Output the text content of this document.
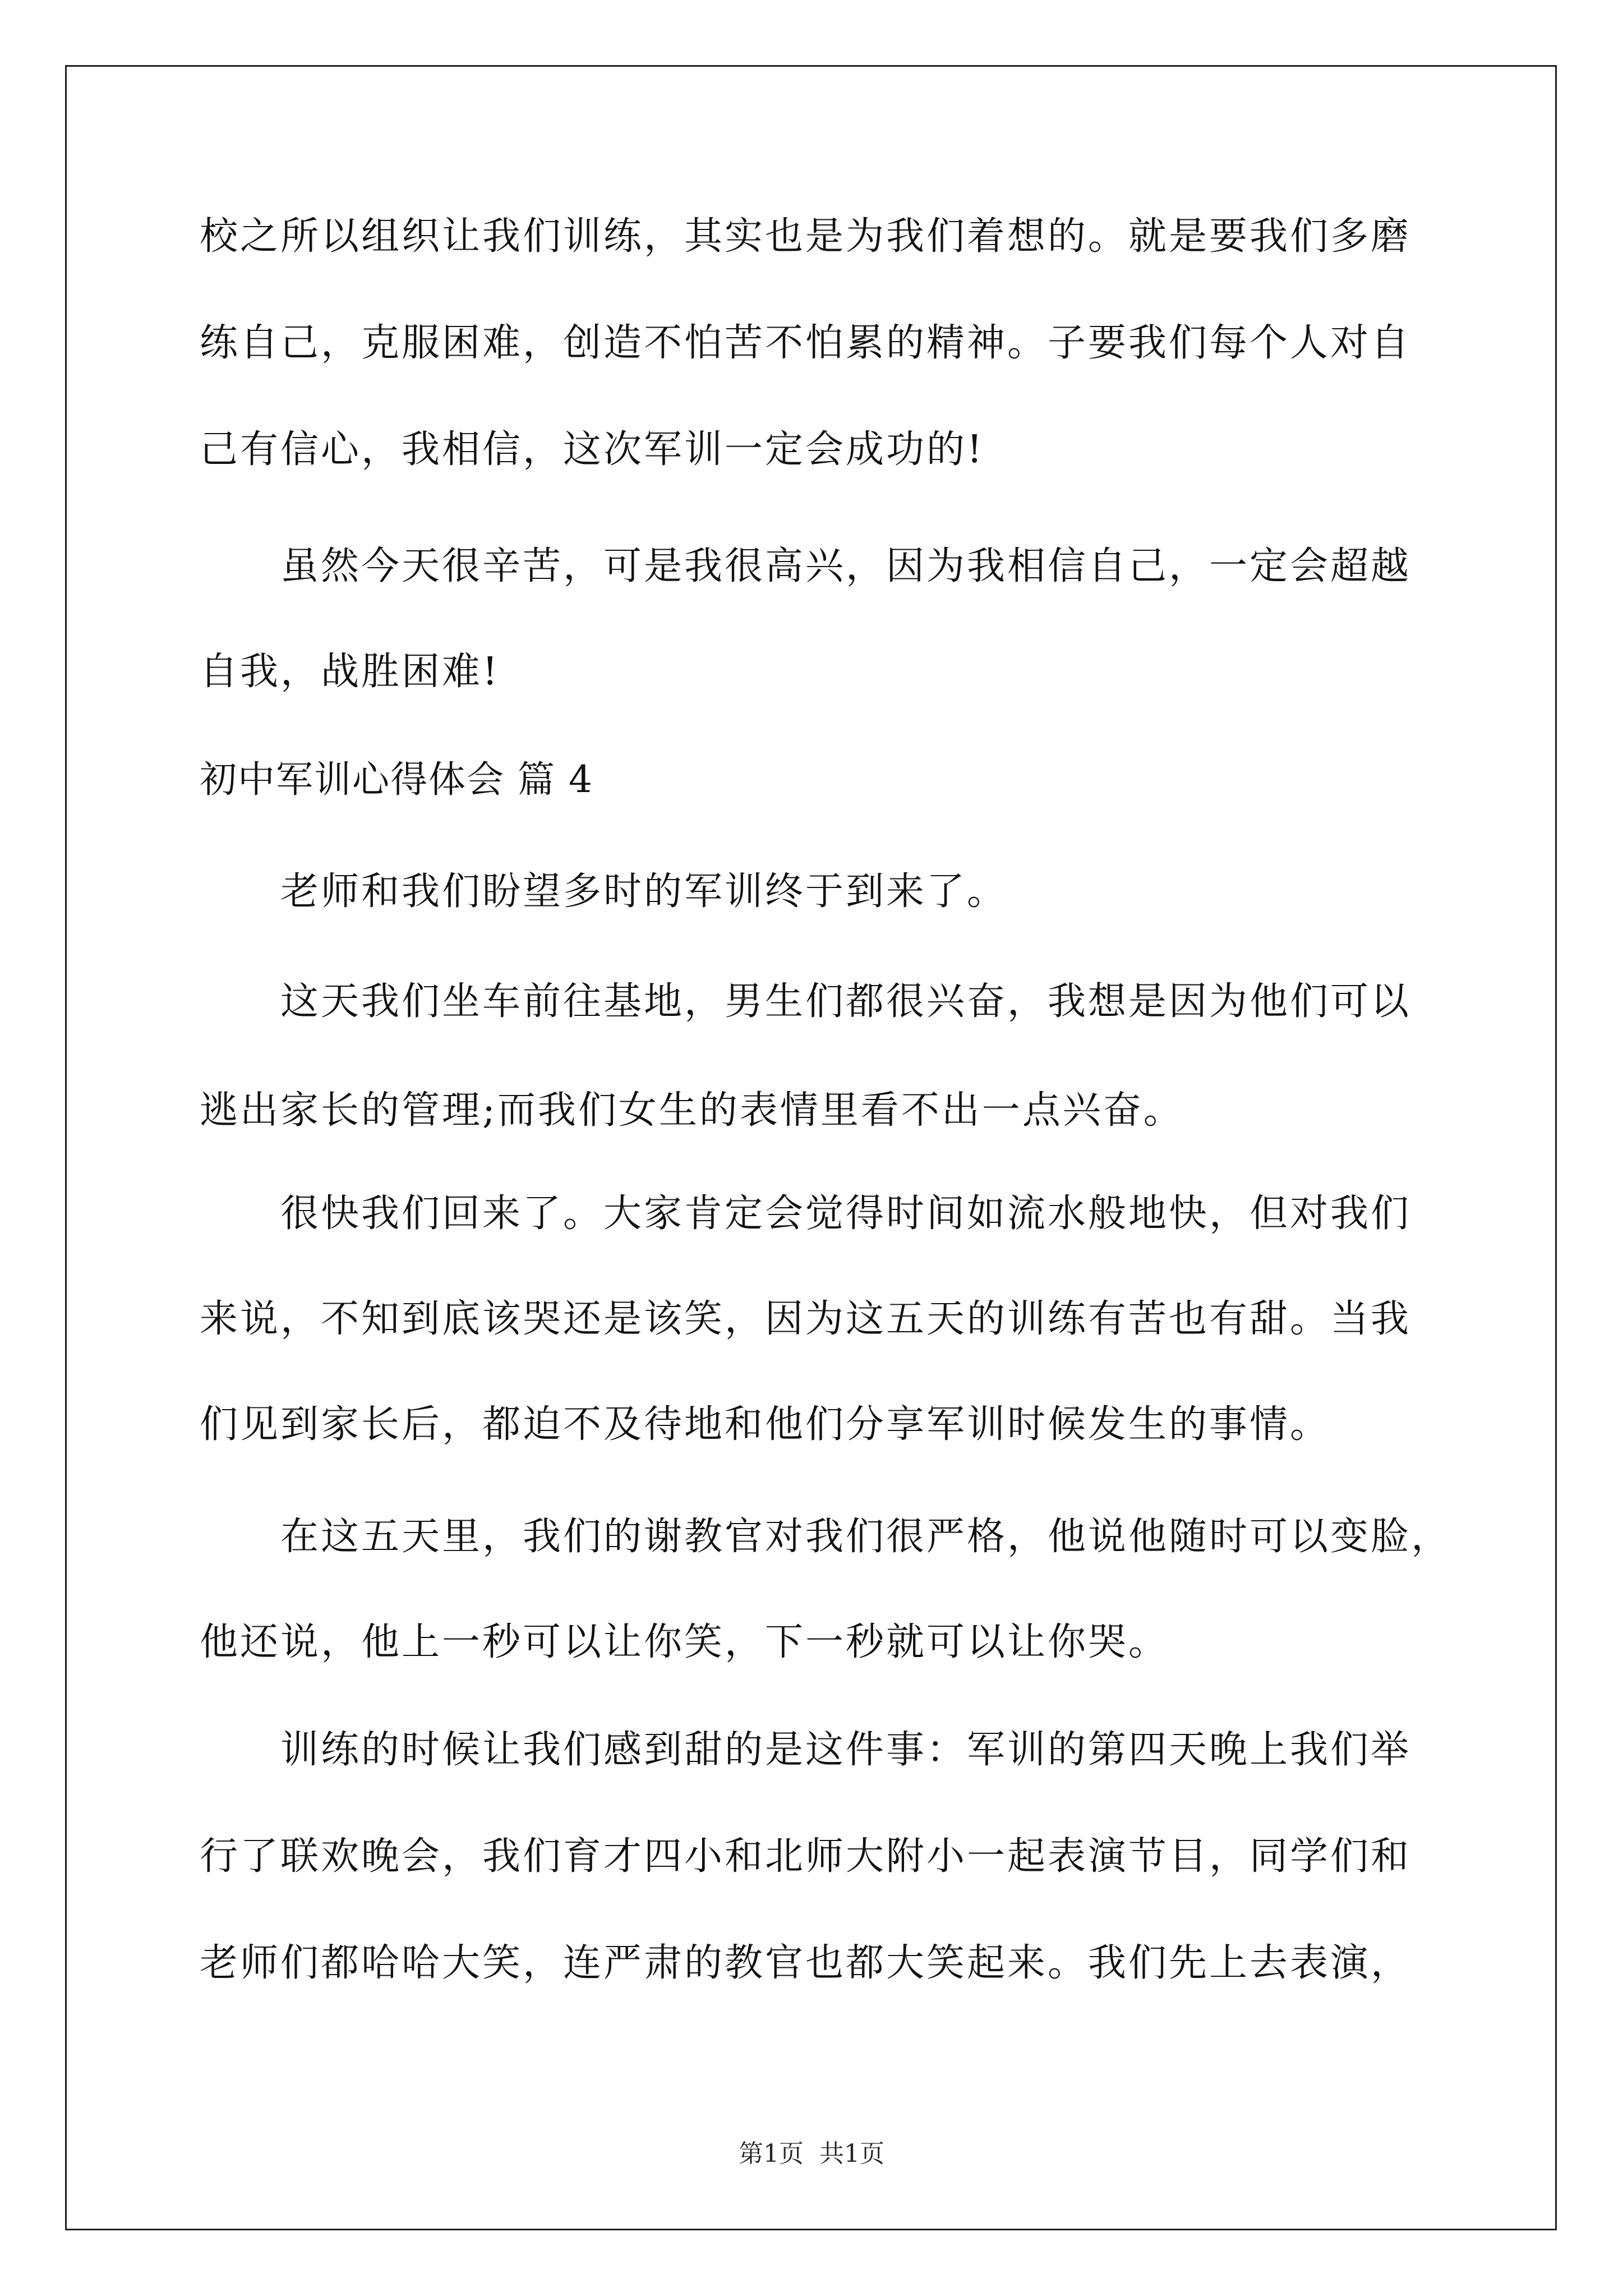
校之所以组织让我们训练，其实也是为我们着想的。就是要我们多磨
练自己，克服困难，创造不怕苦不怕累的精神。子要我们每个人对自
己有信心，我相信，这次军训一定会成功的!
虽然今天很辛苦，可是我很高兴，因为我相信自己，一定会超越
自我，战胜困难!
初中军训心得体会 篇 4
老师和我们盼望多时的军训终于到来了。
这天我们坐车前往基地，男生们都很兴奋，我想是因为他们可以
逃出家长的管理;而我们女生的表情里看不出一点兴奋。
很快我们回来了。大家肯定会觉得时间如流水般地快，但对我们
来说，不知到底该哭还是该笑，因为这五天的训练有苦也有甜。当我
们见到家长后，都迫不及待地和他们分享军训时候发生的事情。
在这五天里，我们的谢教官对我们很严格，他说他随时可以变脸，
他还说，他上一秒可以让你笑，下一秒就可以让你哭。
训练的时候让我们感到甜的是这件事：军训的第四天晚上我们举
行了联欢晚会，我们育才四小和北师大附小一起表演节目，同学们和
老师们都哈哈大笑，连严肃的教官也都大笑起来。我们先上去表演，
第1页 共1页
